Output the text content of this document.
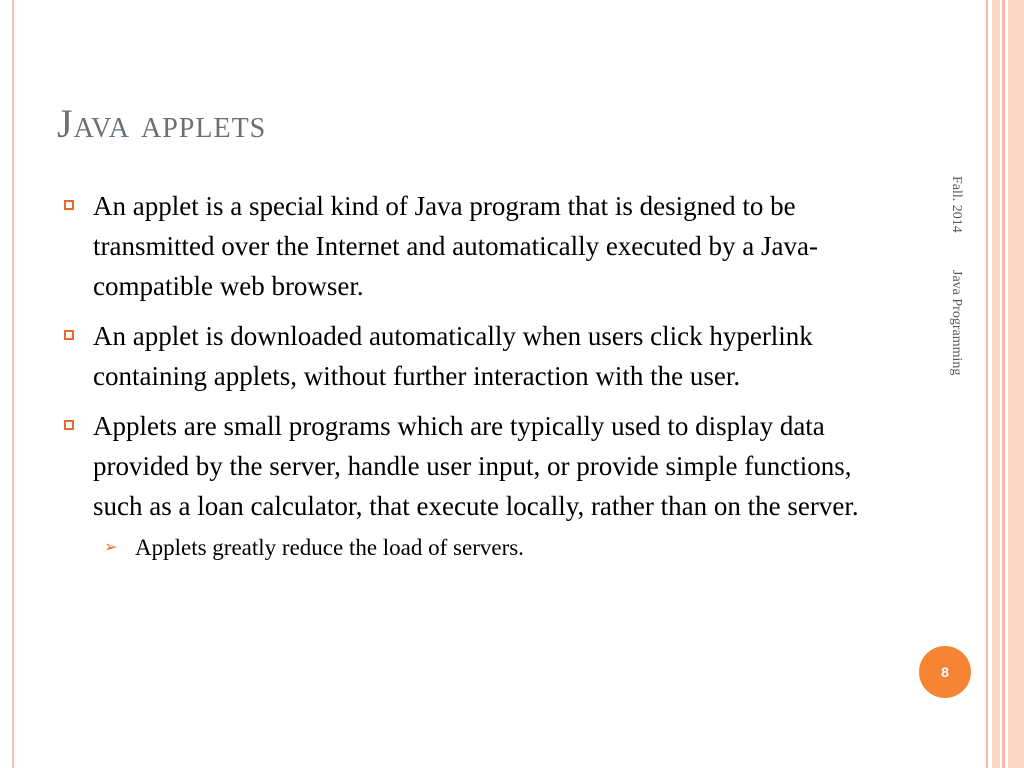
Java applets
An applet is a special kind of Java program that is designed to be transmitted over the Internet and automatically executed by a Java-compatible web browser.
An applet is downloaded automatically when users click hyperlink containing applets, without further interaction with the user.
Applets are small programs which are typically used to display data provided by the server, handle user input, or provide simple functions, such as a loan calculator, that execute locally, rather than on the server.
➢ Applets greatly reduce the load of servers.
Fall. 2014
Java Programming
8
